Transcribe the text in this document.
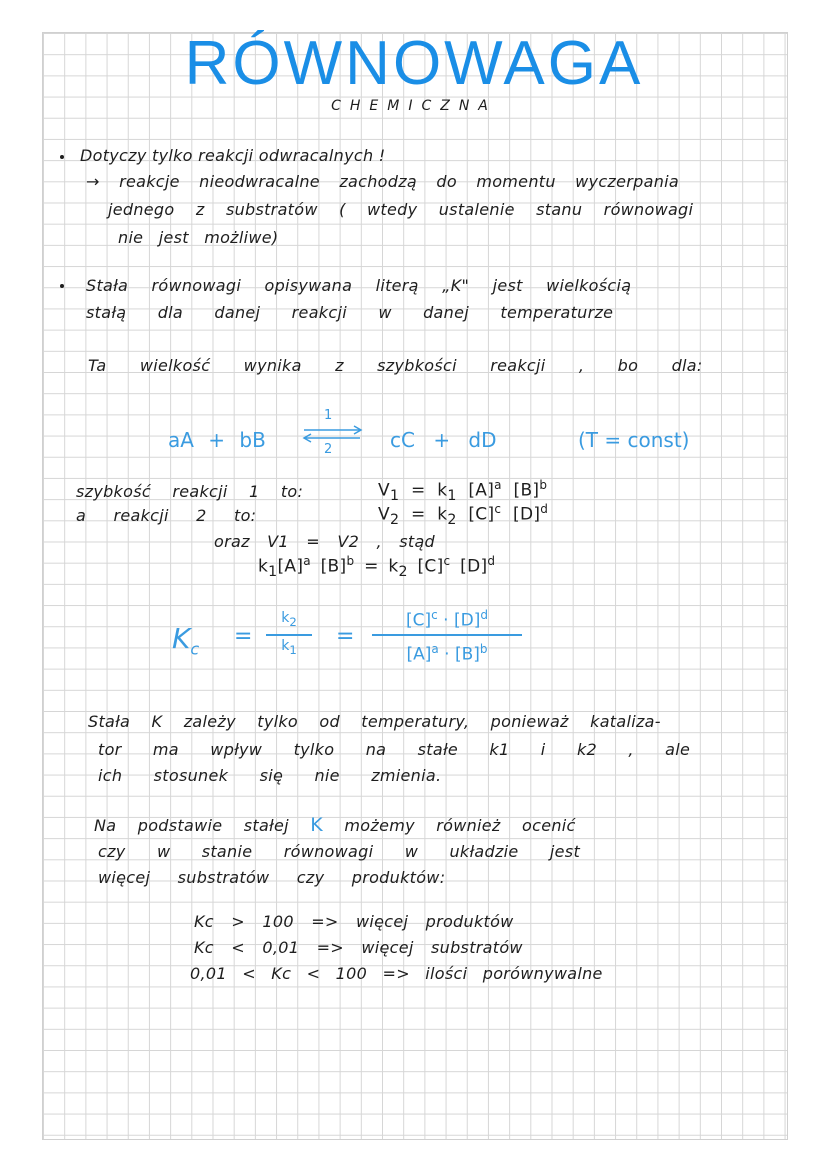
RÓWNOWAGA
CHEMICZNA
Dotyczy tylko reakcji odwracalnych !
→ reakcje nieodwracalne zachodzą do momentu wyczerpania
jednego z substratów ( wtedy ustalenie stanu równowagi
nie jest możliwe)
Stała równowagi opisywana literą „K" jest wielkością
stałą dla danej reakcji w danej temperaturze
Ta wielkość wynika z szybkości reakcji , bo dla:
aA + bB
1
2	cC + dD	(T = const)
szybkość reakcji 1 to:	$V_1 = k_1$ $[A]^a$ $[B]^b$
a reakcji 2 to:	$V_2 = k_2$ $[C]^c$ $[D]^d$
oraz V1 = V2 , stąd
$k_1[A]^a$ $[B]^b = k_2$ $[C]^c$ $[D]^d$
$K_c$
=
$k_2$
$k_1$
=
$[C]^c \cdot [D]^d$
$[A]^a \cdot [B]^b$
Stała K zależy tylko od temperatury, ponieważ kataliza-
tor ma wpływ tylko na stałe k1 i k2 , ale
ich stosunek się nie zmienia.
Na podstawie stałej K możemy również ocenić
czy w stanie równowagi w układzie jest
więcej substratów czy produktów:
Kc > 100 => więcej produktów
Kc < 0,01 => więcej substratów
0,01 < Kc < 100 => ilości porównywalne
